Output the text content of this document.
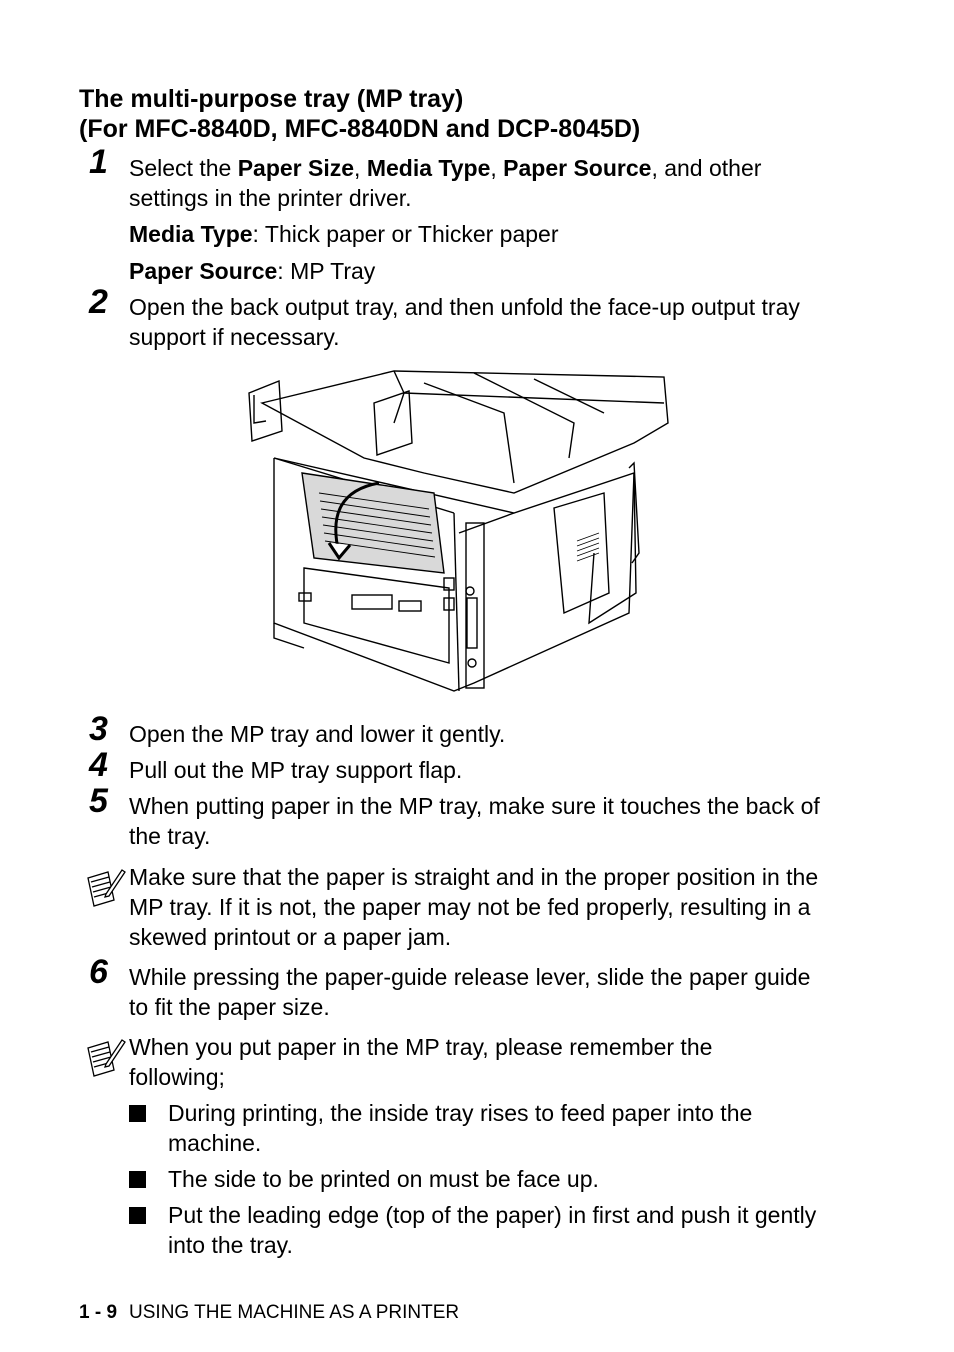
The multi-purpose tray (MP tray)
(For MFC-8840D, MFC-8840DN and DCP-8045D)
1 Select the Paper Size, Media Type, Paper Source, and other settings in the printer driver.
Media Type: Thick paper or Thicker paper
Paper Source: MP Tray
2 Open the back output tray, and then unfold the face-up output tray support if necessary.
3 Open the MP tray and lower it gently.
4 Pull out the MP tray support flap.
5 When putting paper in the MP tray, make sure it touches the back of the tray.
Make sure that the paper is straight and in the proper position in the MP tray. If it is not, the paper may not be fed properly, resulting in a skewed printout or a paper jam.
6 While pressing the paper-guide release lever, slide the paper guide to fit the paper size.
When you put paper in the MP tray, please remember the following;
During printing, the inside tray rises to feed paper into the machine.
The side to be printed on must be face up.
Put the leading edge (top of the paper) in first and push it gently into the tray.
1 - 9 USING THE MACHINE AS A PRINTER
